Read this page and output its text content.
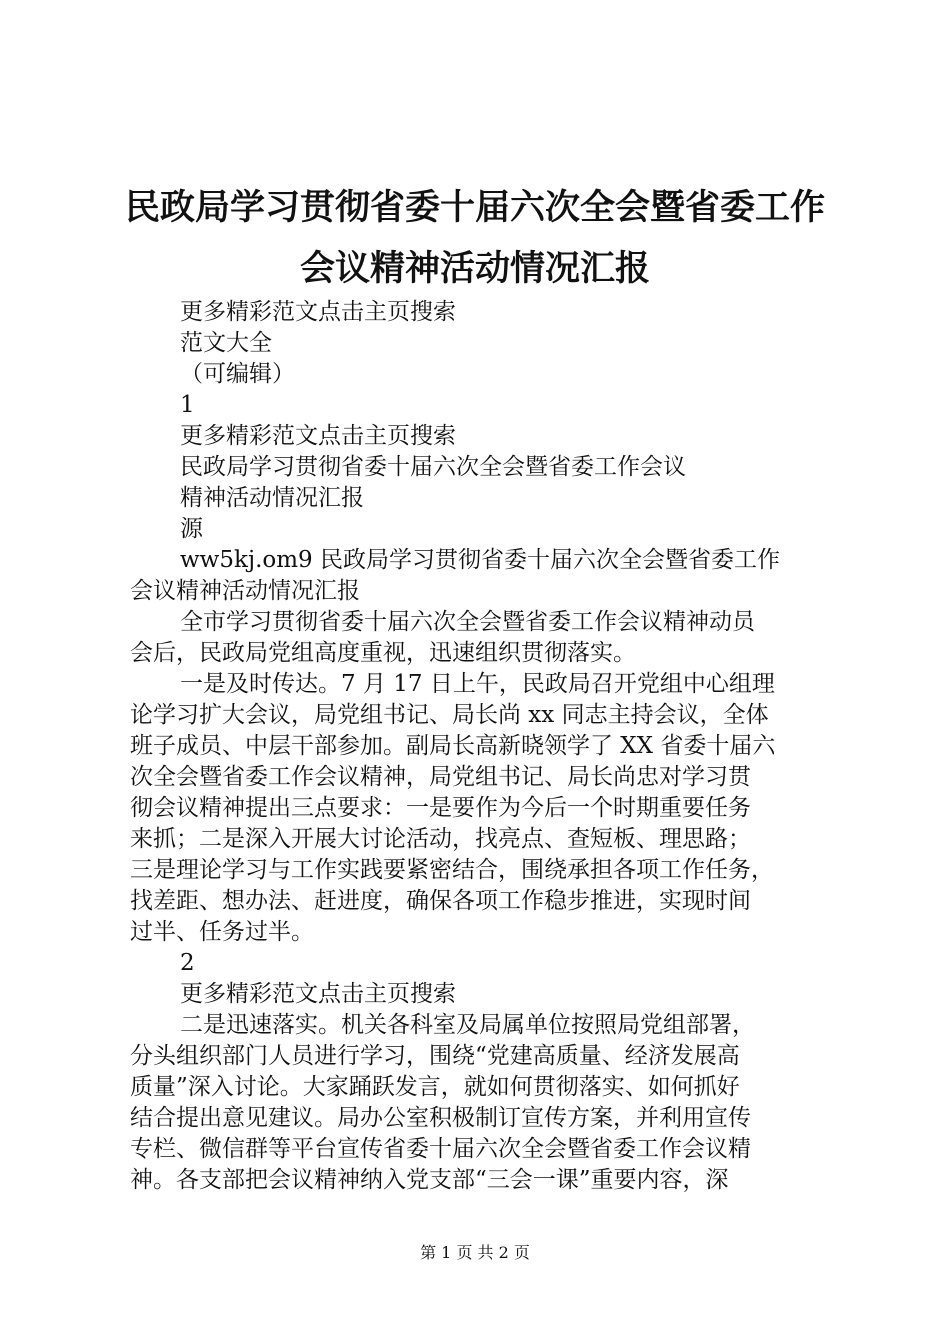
民政局学习贯彻省委十届六次全会暨省委工作
会议精神活动情况汇报

更多精彩范文点击主页搜索

范文大全

（可编辑）

1

更多精彩范文点击主页搜索

民政局学习贯彻省委十届六次全会暨省委工作会议

精神活动情况汇报

源

ww5kj.om9 民政局学习贯彻省委十届六次全会暨省委工作

会议精神活动情况汇报

全市学习贯彻省委十届六次全会暨省委工作会议精神动员

会后，民政局党组高度重视，迅速组织贯彻落实。

一是及时传达。7 月 17 日上午，民政局召开党组中心组理

论学习扩大会议，局党组书记、局长尚 xx 同志主持会议，全体

班子成员、中层干部参加。副局长高新晓领学了 XX 省委十届六

次全会暨省委工作会议精神，局党组书记、局长尚忠对学习贯

彻会议精神提出三点要求：一是要作为今后一个时期重要任务

来抓；二是深入开展大讨论活动，找亮点、查短板、理思路；

三是理论学习与工作实践要紧密结合，围绕承担各项工作任务，

找差距、想办法、赶进度，确保各项工作稳步推进，实现时间

过半、任务过半。

2

更多精彩范文点击主页搜索

二是迅速落实。机关各科室及局属单位按照局党组部署，

分头组织部门人员进行学习，围绕“党建高质量、经济发展高

质量”深入讨论。大家踊跃发言，就如何贯彻落实、如何抓好

结合提出意见建议。局办公室积极制订宣传方案，并利用宣传

专栏、微信群等平台宣传省委十届六次全会暨省委工作会议精

神。各支部把会议精神纳入党支部“三会一课”重要内容，深

第 1 页 共 2 页
